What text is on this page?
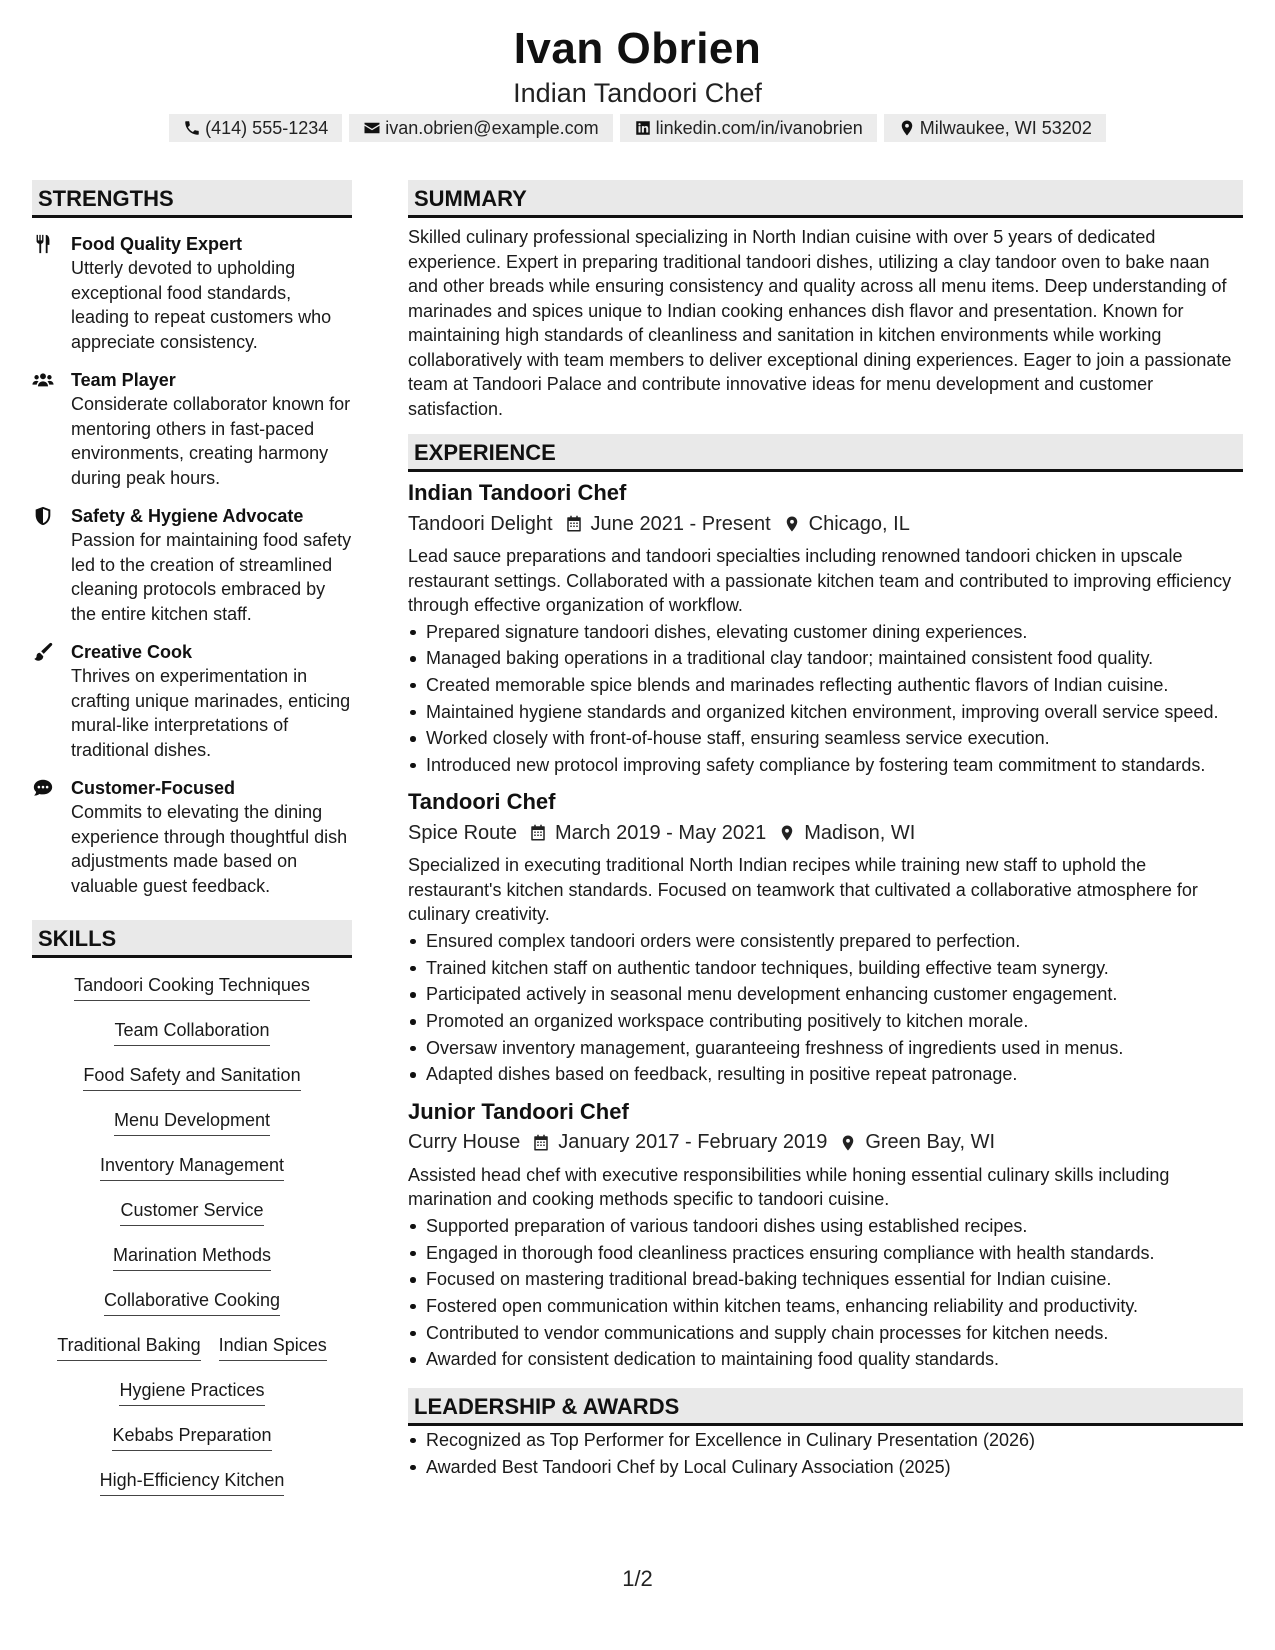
Ivan Obrien
Indian Tandoori Chef
(414) 555-1234	ivan.obrien@example.com	linkedin.com/in/ivanobrien	Milwaukee, WI 53202
STRENGTHS
Food Quality Expert
Utterly devoted to upholding exceptional food standards, leading to repeat customers who appreciate consistency.
Team Player
Considerate collaborator known for mentoring others in fast-paced environments, creating harmony during peak hours.
Safety & Hygiene Advocate
Passion for maintaining food safety led to the creation of streamlined cleaning protocols embraced by the entire kitchen staff.
Creative Cook
Thrives on experimentation in crafting unique marinades, enticing mural-like interpretations of traditional dishes.
Customer-Focused
Commits to elevating the dining experience through thoughtful dish adjustments made based on valuable guest feedback.
SKILLS
Tandoori Cooking Techniques
Team Collaboration
Food Safety and Sanitation
Menu Development
Inventory Management
Customer Service
Marination Methods
Collaborative Cooking
Traditional Baking Indian Spices
Hygiene Practices
Kebabs Preparation
High-Efficiency Kitchen
SUMMARY
Skilled culinary professional specializing in North Indian cuisine with over 5 years of dedicated experience. Expert in preparing traditional tandoori dishes, utilizing a clay tandoor oven to bake naan and other breads while ensuring consistency and quality across all menu items. Deep understanding of marinades and spices unique to Indian cooking enhances dish flavor and presentation. Known for maintaining high standards of cleanliness and sanitation in kitchen environments while working collaboratively with team members to deliver exceptional dining experiences. Eager to join a passionate team at Tandoori Palace and contribute innovative ideas for menu development and customer satisfaction.
EXPERIENCE
Indian Tandoori Chef
Tandoori Delight June 2021 - Present Chicago, IL
Lead sauce preparations and tandoori specialties including renowned tandoori chicken in upscale restaurant settings. Collaborated with a passionate kitchen team and contributed to improving efficiency through effective organization of workflow.
Prepared signature tandoori dishes, elevating customer dining experiences.
Managed baking operations in a traditional clay tandoor; maintained consistent food quality.
Created memorable spice blends and marinades reflecting authentic flavors of Indian cuisine.
Maintained hygiene standards and organized kitchen environment, improving overall service speed.
Worked closely with front-of-house staff, ensuring seamless service execution.
Introduced new protocol improving safety compliance by fostering team commitment to standards.
Tandoori Chef
Spice Route March 2019 - May 2021 Madison, WI
Specialized in executing traditional North Indian recipes while training new staff to uphold the restaurant's kitchen standards. Focused on teamwork that cultivated a collaborative atmosphere for culinary creativity.
Ensured complex tandoori orders were consistently prepared to perfection.
Trained kitchen staff on authentic tandoor techniques, building effective team synergy.
Participated actively in seasonal menu development enhancing customer engagement.
Promoted an organized workspace contributing positively to kitchen morale.
Oversaw inventory management, guaranteeing freshness of ingredients used in menus.
Adapted dishes based on feedback, resulting in positive repeat patronage.
Junior Tandoori Chef
Curry House January 2017 - February 2019 Green Bay, WI
Assisted head chef with executive responsibilities while honing essential culinary skills including marination and cooking methods specific to tandoori cuisine.
Supported preparation of various tandoori dishes using established recipes.
Engaged in thorough food cleanliness practices ensuring compliance with health standards.
Focused on mastering traditional bread-baking techniques essential for Indian cuisine.
Fostered open communication within kitchen teams, enhancing reliability and productivity.
Contributed to vendor communications and supply chain processes for kitchen needs.
Awarded for consistent dedication to maintaining food quality standards.
LEADERSHIP & AWARDS
Recognized as Top Performer for Excellence in Culinary Presentation (2026)
Awarded Best Tandoori Chef by Local Culinary Association (2025)
1/2
